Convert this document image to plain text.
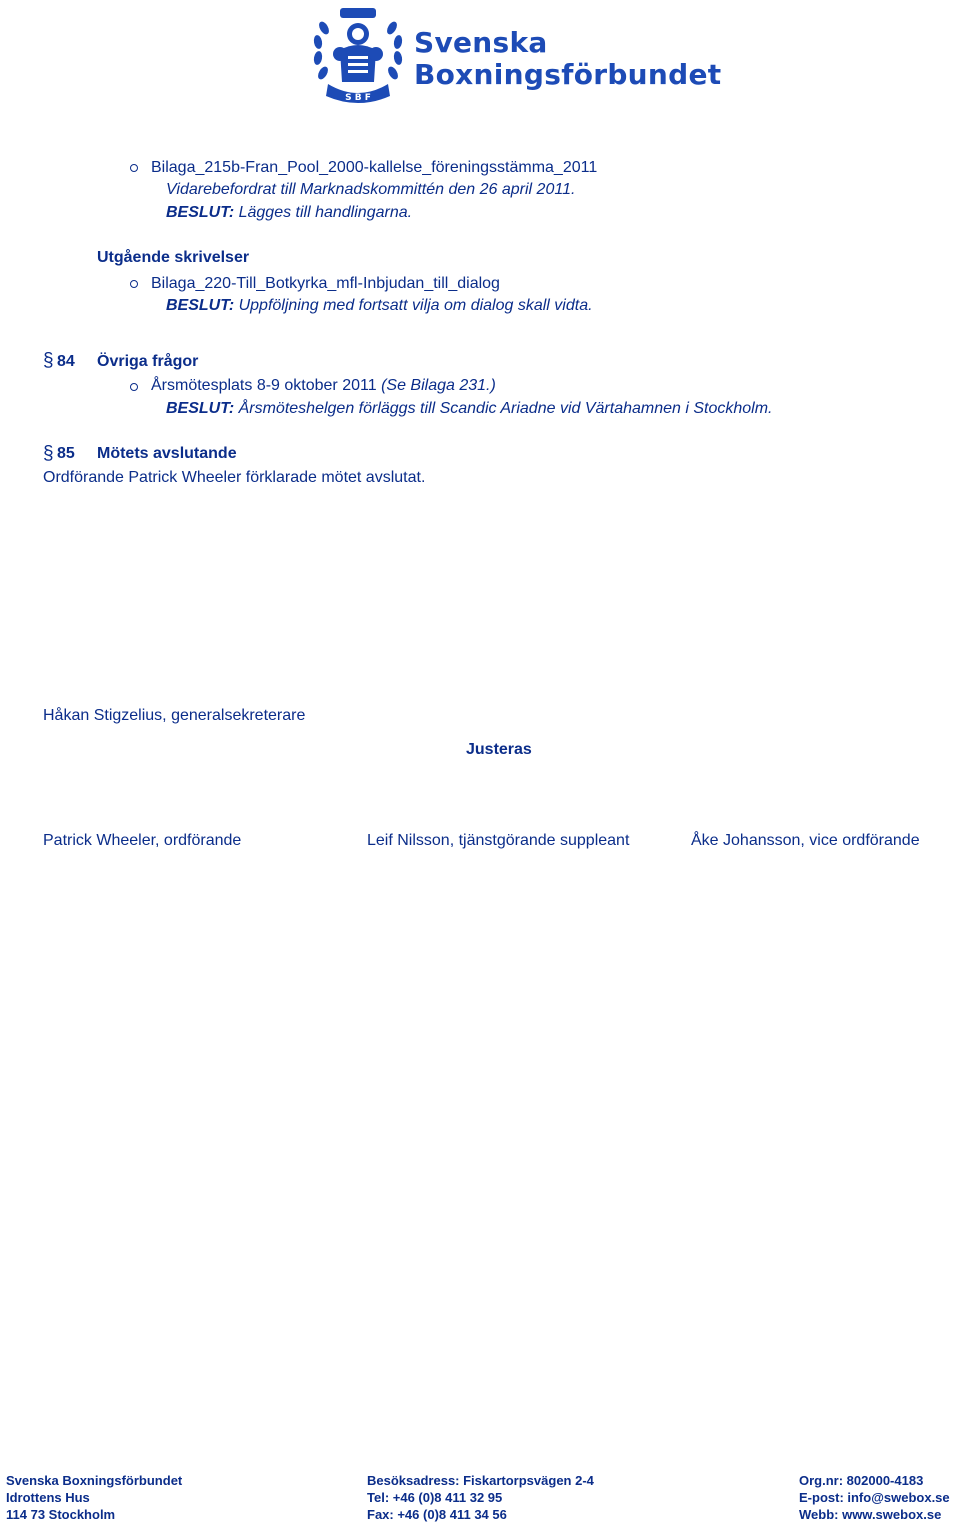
S B F
Svenska
Boxningsförbundet
Bilaga_215b-Fran_Pool_2000-kallelse_föreningsstämma_2011
Vidarebefordrat till Marknadskommittén den 26 april 2011.
BESLUT: Lägges till handlingarna.
Utgående skrivelser
Bilaga_220-Till_Botkyrka_mfl-Inbjudan_till_dialog
BESLUT: Uppföljning med fortsatt vilja om dialog skall vidta.
§ 84 Övriga frågor
Årsmötesplats 8-9 oktober 2011 (Se Bilaga 231.)
BESLUT: Årsmöteshelgen förläggs till Scandic Ariadne vid Värtahamnen i Stockholm.
§ 85 Mötets avslutande
Ordförande Patrick Wheeler förklarade mötet avslutat.
Håkan Stigzelius, generalsekreterare
Justeras
Patrick Wheeler, ordförande	Leif Nilsson, tjänstgörande suppleant	Åke Johansson, vice ordförande
Svenska Boxningsförbundet
Idrottens Hus
114 73 Stockholm
Besöksadress: Fiskartorpsvägen 2-4
Tel: +46 (0)8 411 32 95
Fax: +46 (0)8 411 34 56
Org.nr: 802000-4183
E-post: info@swebox.se
Webb: www.swebox.se
